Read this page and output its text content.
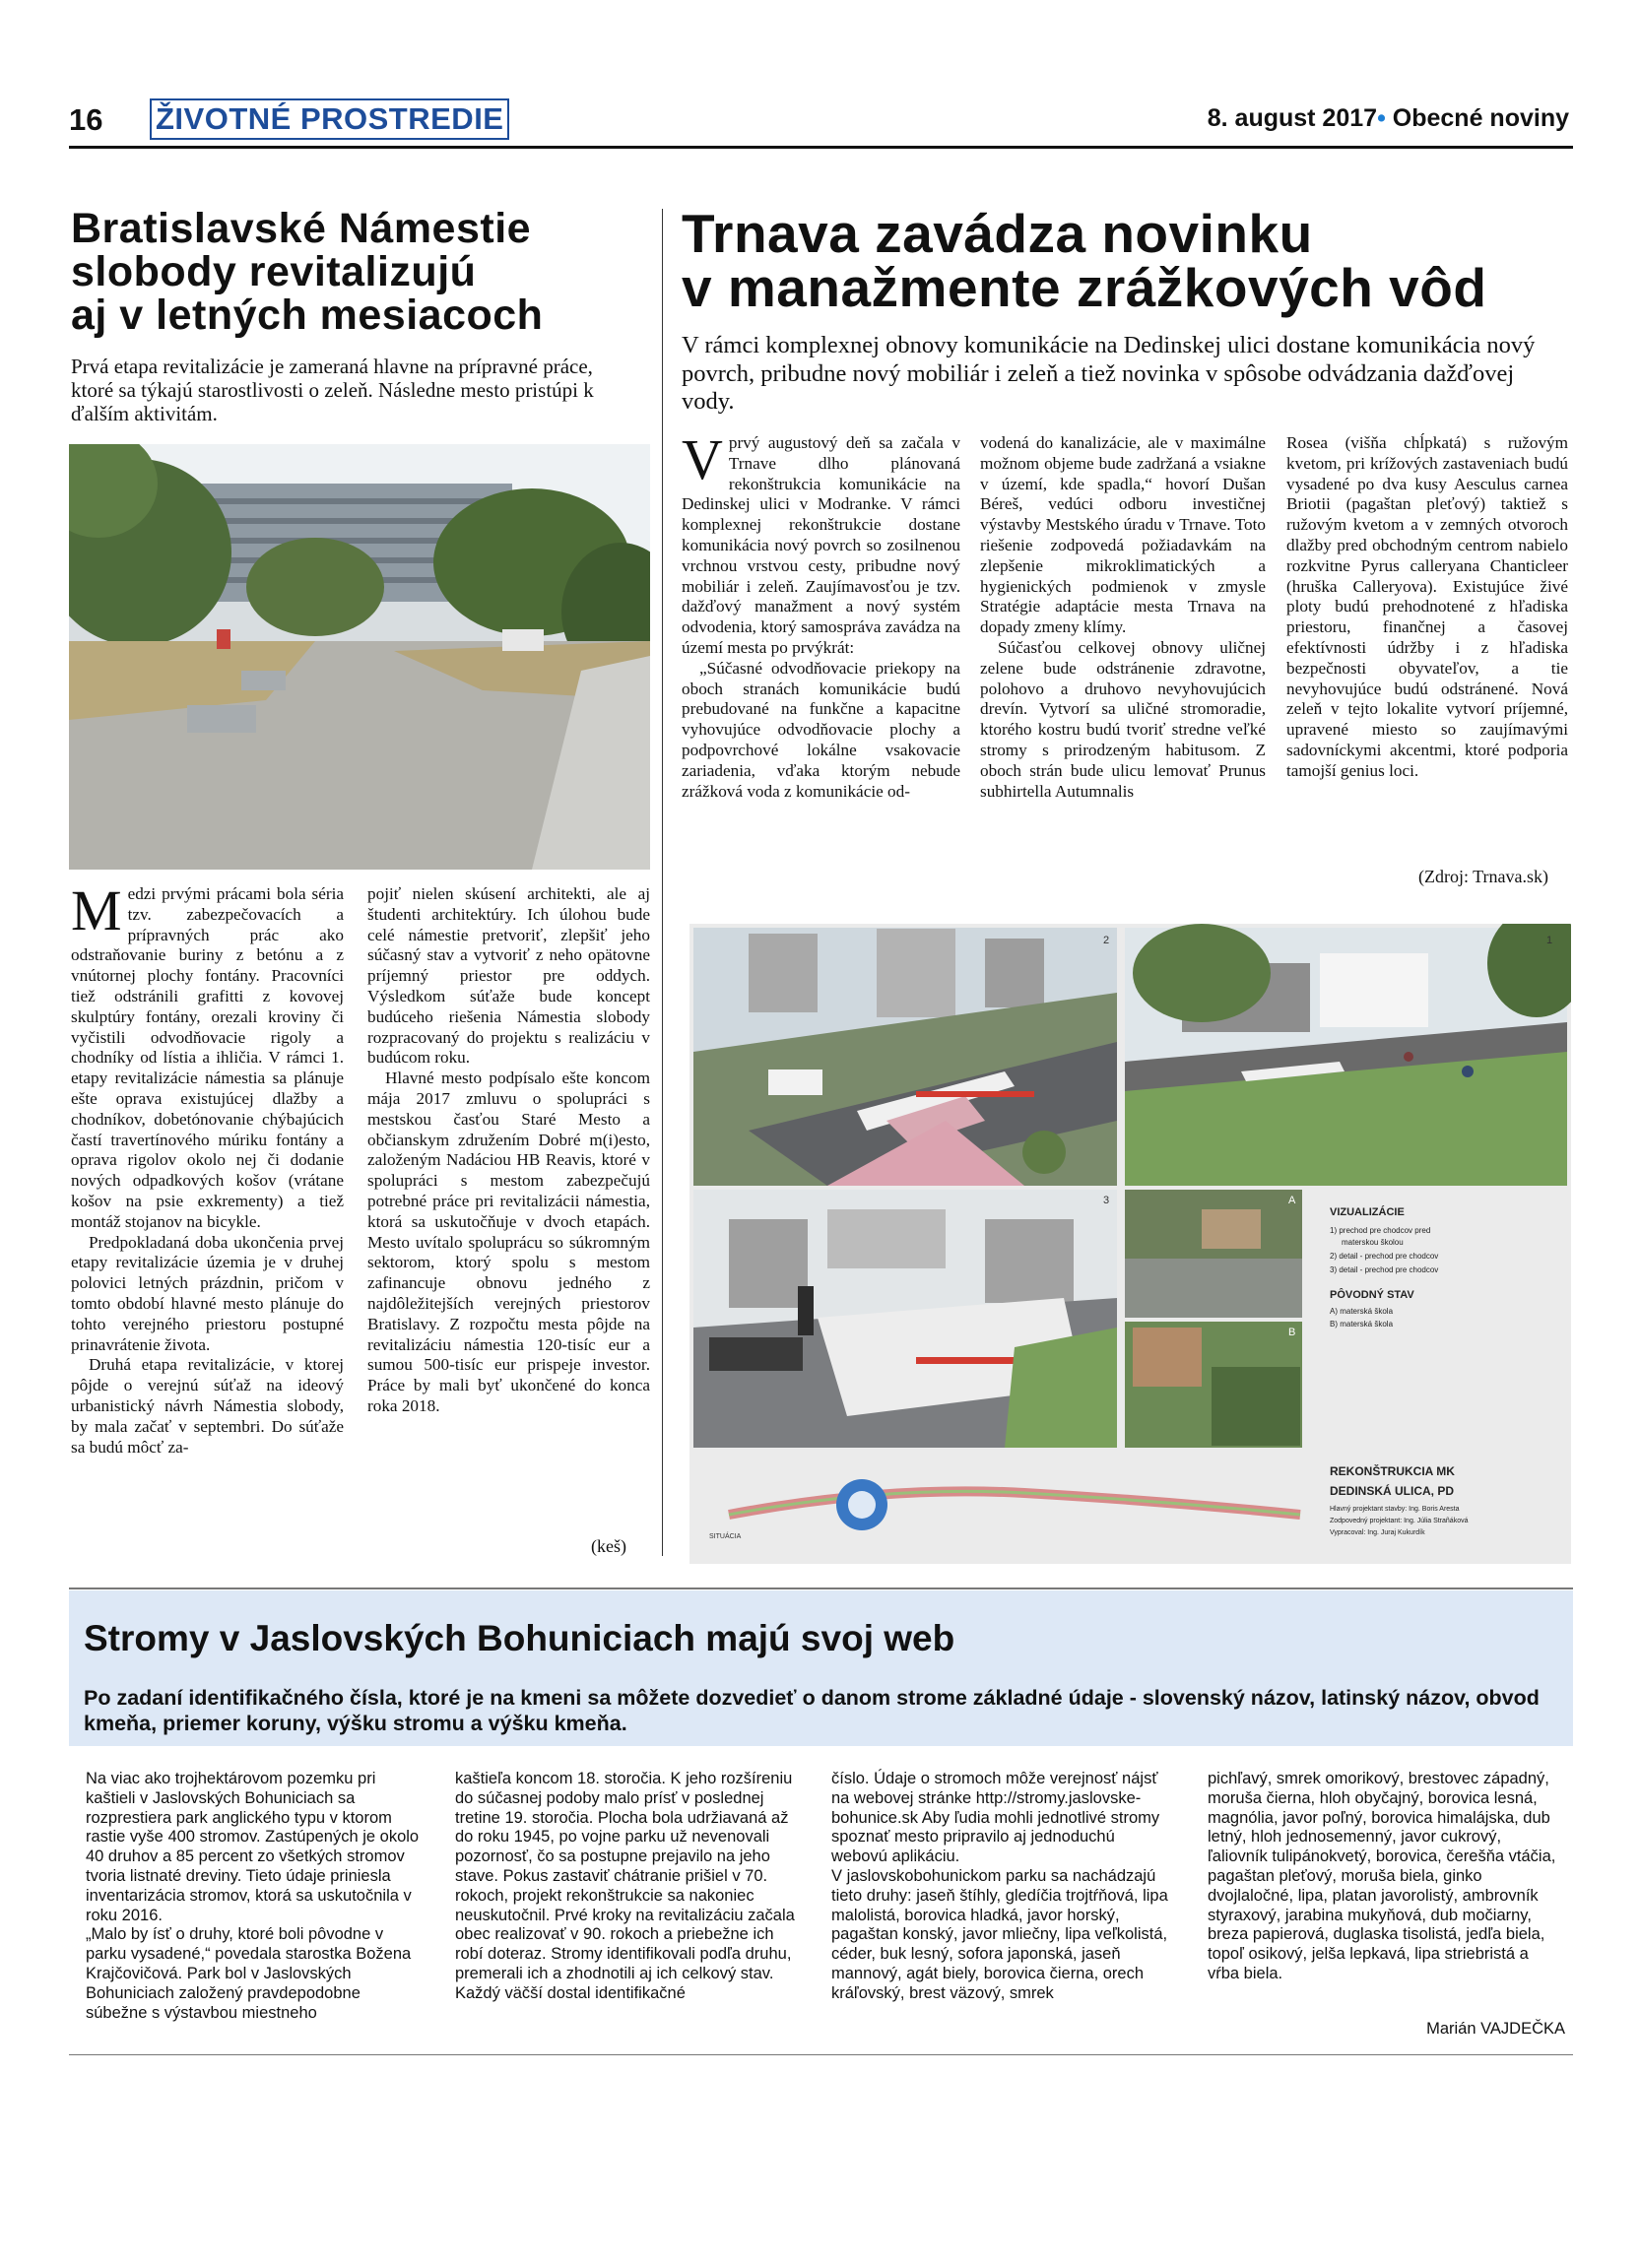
16 ŽIVOTNÉ PROSTREDIE	8. august 2017• Obecné noviny
Bratislavské Námestie
slobody revitalizujú
aj v letných mesiacoch
Prvá etapa revitalizácie je zameraná hlavne na prípravné práce, ktoré sa týkajú starostlivosti o zeleň. Následne mesto pristúpi k ďalším aktivitám.

Medzi prvými prácami bola séria tzv. zabezpečovacích a prípravných prác ako odstraňovanie buriny z betónu a z vnútornej plochy fontány. Pracovníci tiež odstránili grafitti z kovovej skulptúry fontány, orezali kroviny či vyčistili odvodňovacie rigoly a chodníky od lístia a ihličia. V rámci 1. etapy revitalizácie námestia sa plánuje ešte oprava existujúcej dlažby a chodníkov, dobetónovanie chýbajúcich častí travertínového múriku fontány a oprava rigolov okolo nej či dodanie nových odpadkových košov (vrátane košov na psie exkrementy) a tiež montáž stojanov na bicykle.

Predpokladaná doba ukončenia prvej etapy revitalizácie územia je v druhej polovici letných prázdnin, pričom v tomto období hlavné mesto plánuje do tohto verejného priestoru postupné prinavrátenie života.

Druhá etapa revitalizácie, v ktorej pôjde o verejnú súťaž na ideový urbanistický návrh Námestia slobody, by mala začať v septembri. Do súťaže sa budú môcť za-

pojiť nielen skúsení architekti, ale aj študenti architektúry. Ich úlohou bude celé námestie pretvoriť, zlepšiť jeho súčasný stav a vytvoriť z neho opätovne príjemný priestor pre oddych. Výsledkom súťaže bude koncept budúceho riešenia Námestia slobody rozpracovaný do projektu s realizáciu v budúcom roku.

Hlavné mesto podpísalo ešte koncom mája 2017 zmluvu o spolupráci s mestskou časťou Staré Mesto a občianskym združením Dobré m(i)esto, založeným Nadáciou HB Reavis, ktoré v spolupráci s mestom zabezpečujú potrebné práce pri revitalizácii námestia, ktorá sa uskutočňuje v dvoch etapách. Mesto uvítalo spoluprácu so súkromným sektorom, ktorý spolu s mestom zafinancuje obnovu jedného z najdôležitejších verejných priestorov Bratislavy. Z rozpočtu mesta pôjde na revitalizáciu námestia 120-tisíc eur a sumou 500-tisíc eur prispeje investor. Práce by mali byť ukončené do konca roka 2018.

(keš)
Trnava zavádza novinku
v manažmente zrážkových vôd
V rámci komplexnej obnovy komunikácie na Dedinskej ulici dostane komunikácia nový povrch, pribudne nový mobiliár i zeleň a tiež novinka v spôsobe odvádzania dažďovej vody.

Vprvý augustový deň sa začala v Trnave dlho plánovaná rekonštrukcia komunikácie na Dedinskej ulici v Modranke. V rámci komplexnej rekonštrukcie dostane komunikácia nový povrch so zosilnenou vrchnou vrstvou cesty, pribudne nový mobiliár i zeleň. Zaujímavosťou je tzv. dažďový manažment a nový systém odvodenia, ktorý samospráva zavádza na území mesta po prvýkrát:

„Súčasné odvodňovacie priekopy na oboch stranách komunikácie budú prebudované na funkčne a kapacitne vyhovujúce odvodňovacie plochy a podpovrchové lokálne vsakovacie zariadenia, vďaka ktorým nebude zrážková voda z komunikácie od-

vodená do kanalizácie, ale v maximálne možnom objeme bude zadržaná a vsiakne v území, kde spadla,“ hovorí Dušan Béreš, vedúci odboru investičnej výstavby Mestského úradu v Trnave. Toto riešenie zodpovedá požiadavkám na zlepšenie mikroklimatických a hygienických podmienok v zmysle Stratégie adaptácie mesta Trnava na dopady zmeny klímy.

Súčasťou celkovej obnovy uličnej zelene bude odstránenie zdravotne, polohovo a druhovo nevyhovujúcich drevín. Vytvorí sa uličné stromoradie, ktorého kostru budú tvoriť stredne veľké stromy s prirodzeným habitusom. Z oboch strán bude ulicu lemovať Prunus subhirtella Autumnalis

Rosea (višňa chĺpkatá) s ružovým kvetom, pri krížových zastaveniach budú vysadené po dva kusy Aesculus carnea Briotii (pagaštan pleťový) taktiež s ružovým kvetom a v zemných otvoroch dlažby pred obchodným centrom nabielo rozkvitne Pyrus calleryana Chanticleer (hruška Calleryova). Existujúce živé ploty budú prehodnotené z hľadiska priestoru, finančnej a časovej efektívnosti údržby i z hľadiska bezpečnosti obyvateľov, a tie nevyhovujúce budú odstránené. Nová zeleň v tejto lokalite vytvorí príjemné, upravené miesto so zaujímavými sadovníckymi akcentmi, ktoré podporia tamojší genius loci.

(Zdroj: Trnava.sk)
2	1
3	A
B
VIZUALIZÁCIE
1) prechod pre chodcov pred
materskou školou
2) detail - prechod pre chodcov
3) detail - prechod pre chodcov
PÔVODNÝ STAV
A) materská škola
B) materská škola
REKONŠTRUKCIA MK
DEDINSKÁ ULICA, PD
Hlavný projektant stavby: Ing. Boris Aresta
Zodpovedný projektant: Ing. Júlia Strañáková
Vypracoval: Ing. Juraj Kukurdík
SITUÁCIA
Stromy v Jaslovských Bohuniciach majú svoj web
Po zadaní identifikačného čísla, ktoré je na kmeni sa môžete dozvedieť o danom strome základné údaje - slovenský názov, latinský názov, obvod kmeňa, priemer koruny, výšku stromu a výšku kmeňa.

Na viac ako trojhektárovom pozemku pri kaštieli v Jaslovských Bohuniciach sa rozprestiera park anglického typu v ktorom rastie vyše 400 stromov. Zastúpených je okolo 40 druhov a 85 percent zo všetkých stromov tvoria listnaté dreviny. Tieto údaje priniesla inventarizácia stromov, ktorá sa uskutočnila v roku 2016.

„Malo by ísť o druhy, ktoré boli pôvodne v parku vysadené,“ povedala starostka Božena Krajčovičová. Park bol v Jaslovských Bohuniciach založený pravdepodobne súbežne s výstavbou miestneho

kaštieľa koncom 18. storočia. K jeho rozšíreniu do súčasnej podoby malo prísť v poslednej tretine 19. storočia. Plocha bola udržiavaná až do roku 1945, po vojne parku už nevenovali pozornosť, čo sa postupne prejavilo na jeho stave. Pokus zastaviť chátranie prišiel v 70. rokoch, projekt rekonštrukcie sa nakoniec neuskutočnil. Prvé kroky na revitalizáciu začala obec realizovať v 90. rokoch a priebežne ich robí doteraz. Stromy identifikovali podľa druhu, premerali ich a zhodnotili aj ich celkový stav. Každý väčší dostal identifikačné

číslo. Údaje o stromoch môže verejnosť nájsť na webovej stránke http://stromy.jaslovske-bohunice.sk Aby ľudia mohli jednotlivé stromy spoznať mesto pripravilo aj jednoduchú webovú aplikáciu.

V jaslovskobohunickom parku sa nachádzajú tieto druhy: jaseň štíhly, gledíčia trojtŕňová, lipa malolistá, borovica hladká, javor horský, pagaštan konský, javor mliečny, lipa veľkolistá, céder, buk lesný, sofora japonská, jaseň mannový, agát biely, borovica čierna, orech kráľovský, brest väzový, smrek

pichľavý, smrek omorikový, brestovec západný, moruša čierna, hloh obyčajný, borovica lesná, magnólia, javor poľný, borovica himalájska, dub letný, hloh jednosemenný, javor cukrový, ľaliovník tulipánokvetý, borovica, čerešňa vtáčia, pagaštan pleťový, moruša biela, ginko dvojlaločné, lipa, platan javorolistý, ambrovník styraxový, jarabina mukyňová, dub močiarny, breza papierová, duglaska tisolistá, jedľa biela, topoľ osikový, jelša lepkavá, lipa striebristá a vŕba biela.

Marián VAJDEČKA
